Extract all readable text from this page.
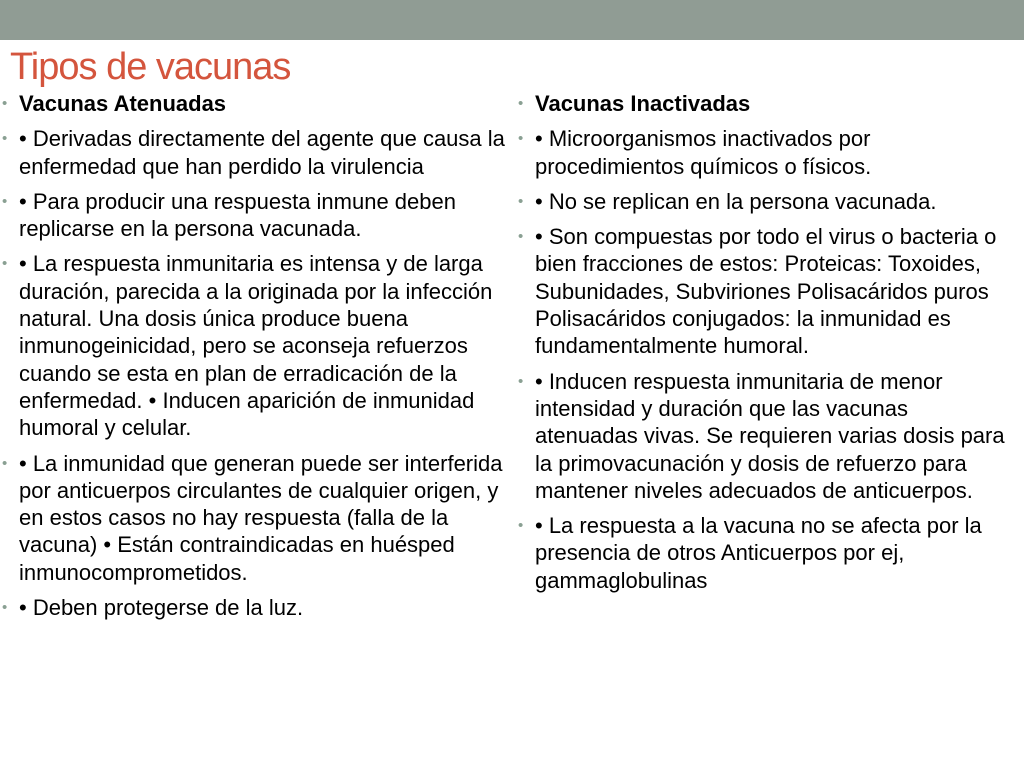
Tipos de vacunas
• Vacunas Atenuadas
• • Derivadas directamente del agente que causa la enfermedad que han perdido la virulencia
• • Para producir una respuesta inmune deben replicarse en la persona vacunada.
• • La respuesta inmunitaria es intensa y de larga duración, parecida a la originada por la infección natural. Una dosis única produce buena inmunogeinicidad, pero se aconseja refuerzos cuando se esta en plan de erradicación de la enfermedad. • Inducen aparición de inmunidad humoral y celular.
• • La inmunidad que generan puede ser interferida por anticuerpos circulantes de cualquier origen, y en estos casos no hay respuesta (falla de la vacuna) • Están contraindicadas en huésped inmunocomprometidos.
• • Deben protegerse de la luz.
• Vacunas Inactivadas
• • Microorganismos inactivados por procedimientos químicos o físicos.
• • No se replican en la persona vacunada.
• • Son compuestas por todo el virus o bacteria o bien fracciones de estos: Proteicas: Toxoides, Subunidades, Subviriones Polisacáridos puros Polisacáridos conjugados: la inmunidad es fundamentalmente humoral.
• • Inducen respuesta inmunitaria de menor intensidad y duración que las vacunas atenuadas vivas. Se requieren varias dosis para la primovacunación y dosis de refuerzo para mantener niveles adecuados de anticuerpos.
• • La respuesta a la vacuna no se afecta por la presencia de otros Anticuerpos por ej, gammaglobulinas
